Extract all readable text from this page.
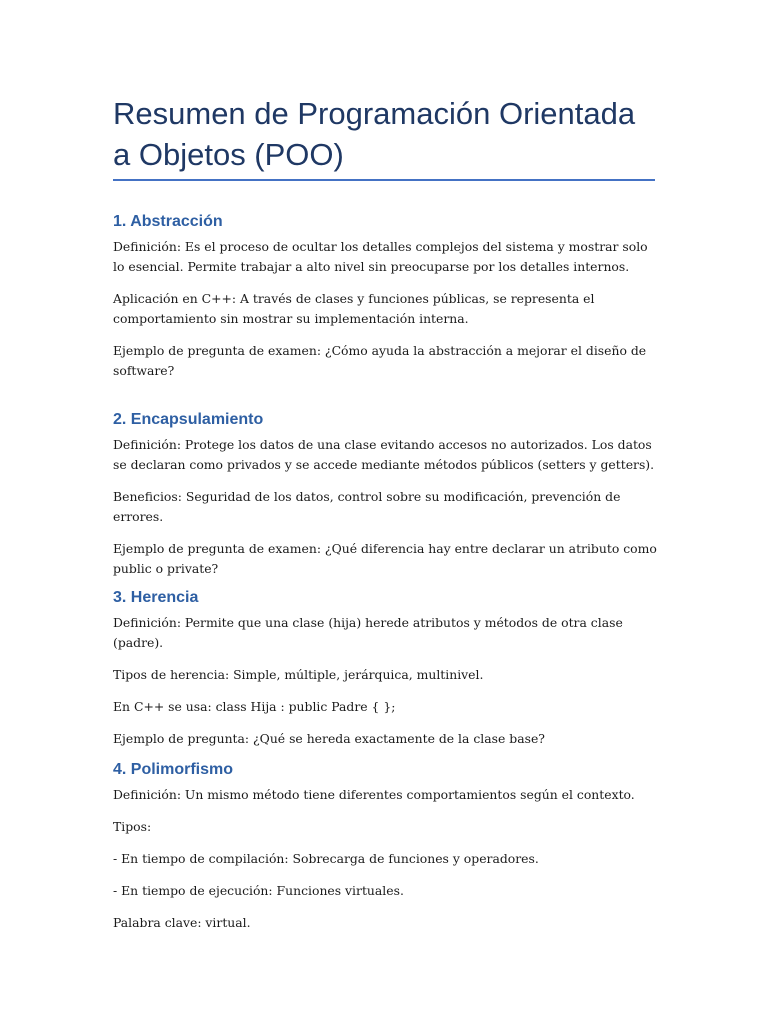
Resumen de Programación Orientada a Objetos (POO)
1. Abstracción

Definición: Es el proceso de ocultar los detalles complejos del sistema y mostrar solo lo esencial. Permite trabajar a alto nivel sin preocuparse por los detalles internos.

Aplicación en C++: A través de clases y funciones públicas, se representa el comportamiento sin mostrar su implementación interna.

Ejemplo de pregunta de examen: ¿Cómo ayuda la abstracción a mejorar el diseño de software?

2. Encapsulamiento

Definición: Protege los datos de una clase evitando accesos no autorizados. Los datos se declaran como privados y se accede mediante métodos públicos (setters y getters).

Beneficios: Seguridad de los datos, control sobre su modificación, prevención de errores.

Ejemplo de pregunta de examen: ¿Qué diferencia hay entre declarar un atributo como public o private?

3. Herencia

Definición: Permite que una clase (hija) herede atributos y métodos de otra clase (padre).

Tipos de herencia: Simple, múltiple, jerárquica, multinivel.

En C++ se usa: class Hija : public Padre { };

Ejemplo de pregunta: ¿Qué se hereda exactamente de la clase base?

4. Polimorfismo

Definición: Un mismo método tiene diferentes comportamientos según el contexto.

Tipos:

- En tiempo de compilación: Sobrecarga de funciones y operadores.

- En tiempo de ejecución: Funciones virtuales.

Palabra clave: virtual.
